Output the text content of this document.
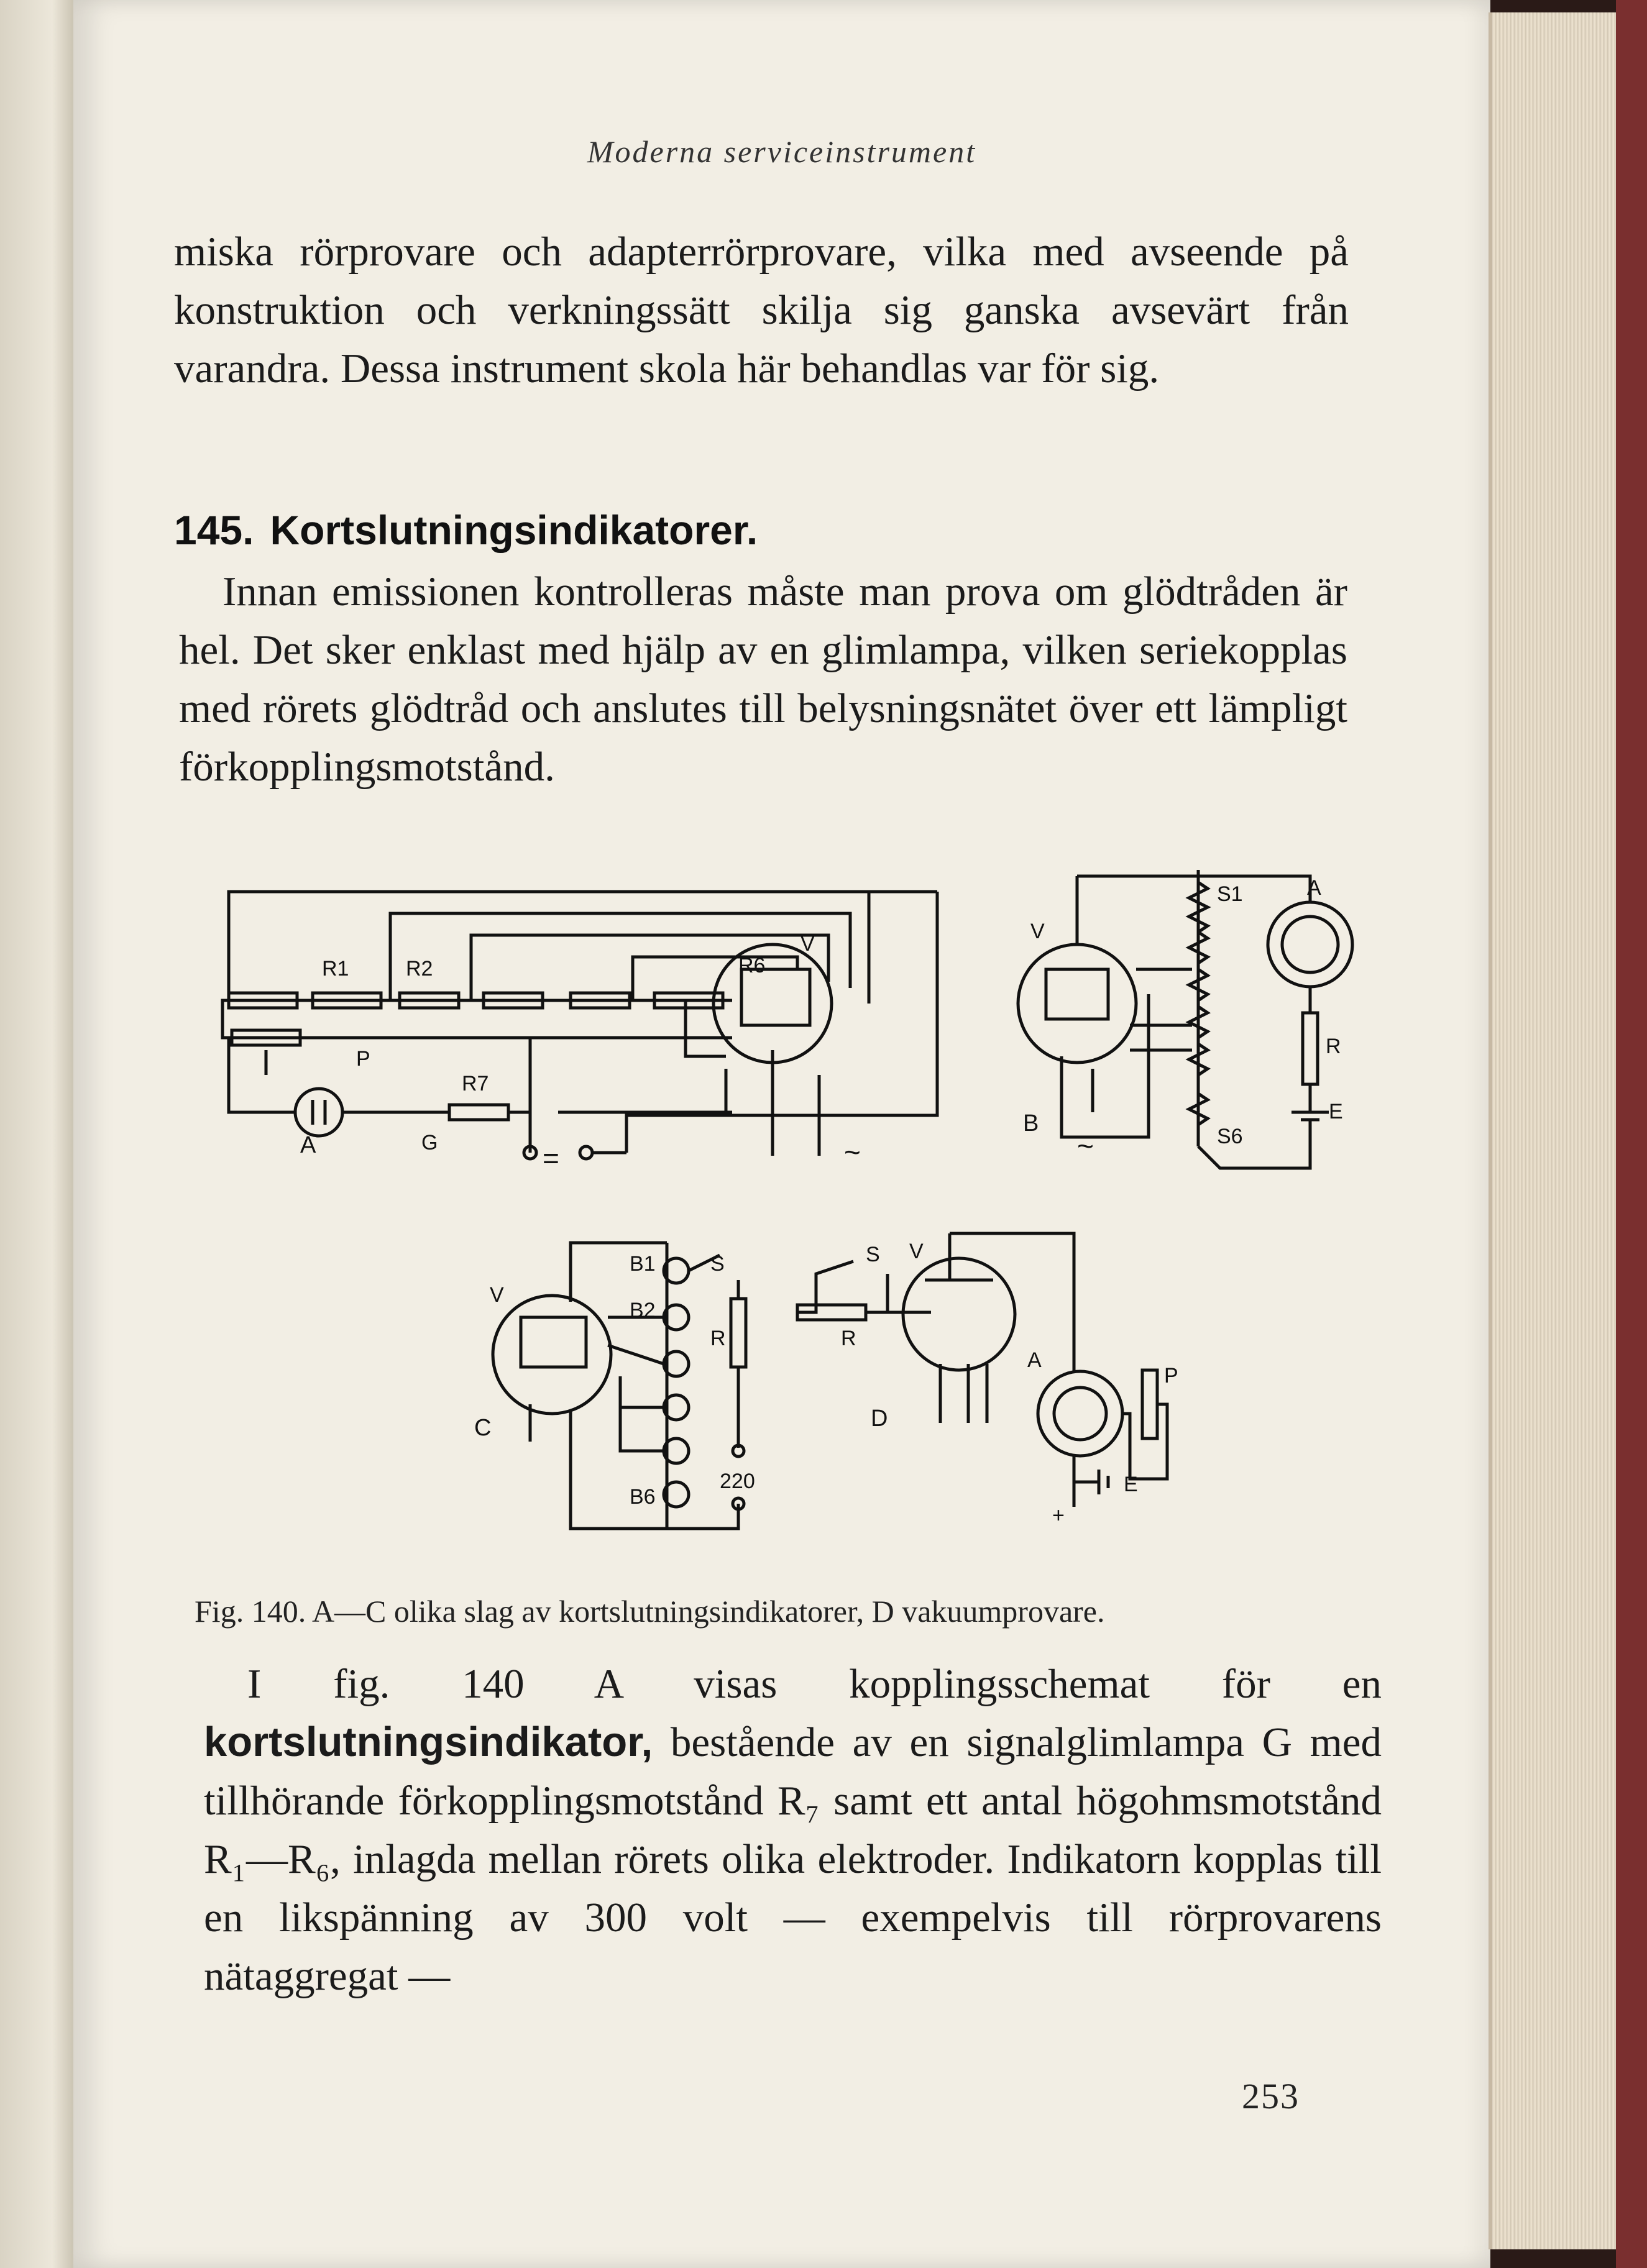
Moderna serviceinstrument

miska rörprovare och adapterrörprovare, vilka med avseende på konstruktion och verkningssätt skilja sig ganska avsevärt från varandra. Dessa instrument skola här behandlas var för sig.

145. Kortslutningsindikatorer.

Innan emissionen kontrolleras måste man prova om glödtråden är hel. Det sker enklast med hjälp av en glimlampa, vilken seriekopplas med rörets glödtråd och anslutes till belysningsnätet över ett lämpligt förkopplingsmotstånd.

R1	R2	R6
V
P
R7
G
A	=	~
V
S1
S6
A
R
E
B
~
V
B1
B2
B6
S
R
220
C
S V
R
A
P
E
+
D

Fig. 140. A—C olika slag av kortslutningsindikatorer, D vakuumprovare.

I fig. 140 A visas kopplingsschemat för en kortslutningsindikator, bestående av en signalglimlampa G med tillhörande förkopplingsmotstånd R₇ samt ett antal högohmsmotstånd R₁—R₆, inlagda mellan rörets olika elektroder. Indikatorn kopplas till en likspänning av 300 volt — exempelvis till rörprovarens nätaggregat —

253
